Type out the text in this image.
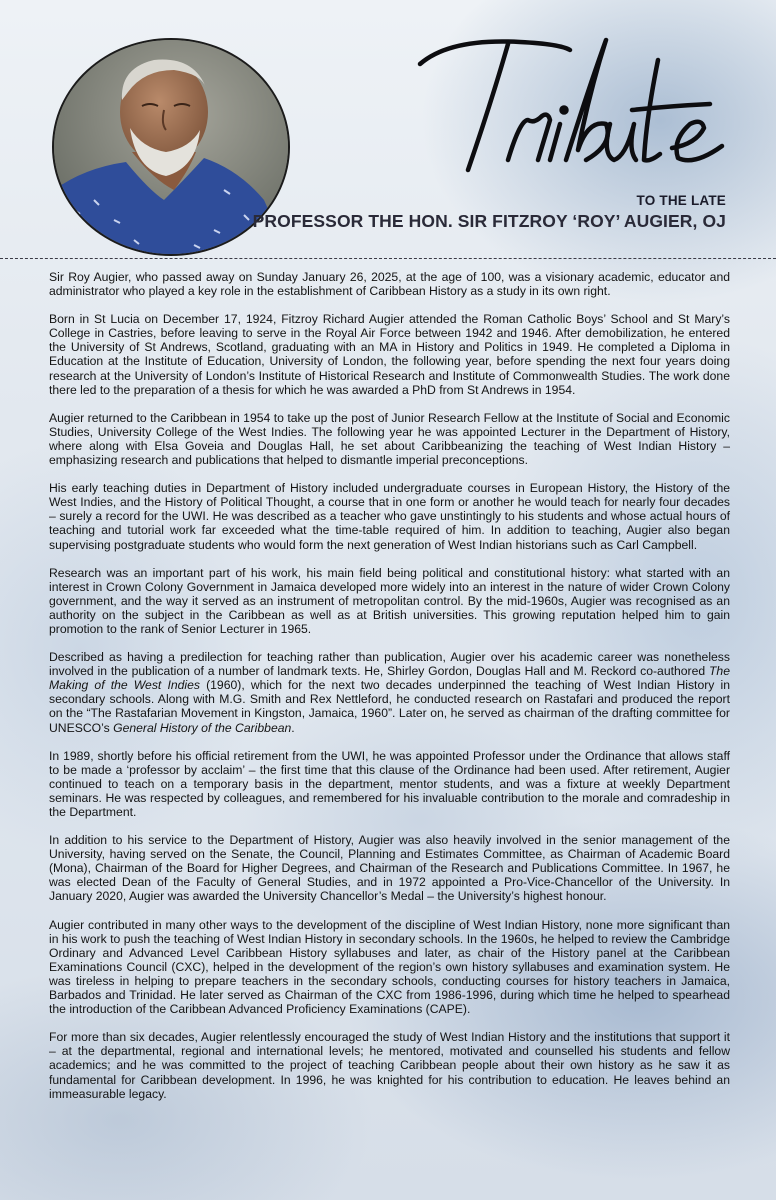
TO THE LATE
PROFESSOR THE HON. SIR FITZROY ‘ROY’ AUGIER, OJ

Sir Roy Augier, who passed away on Sunday January 26, 2025, at the age of 100, was a visionary academic, educator and administrator who played a key role in the establishment of Caribbean History as a study in its own right.

Born in St Lucia on December 17, 1924, Fitzroy Richard Augier attended the Roman Catholic Boys’ School and St Mary’s College in Castries, before leaving to serve in the Royal Air Force between 1942 and 1946. After demobilization, he entered the University of St Andrews, Scotland, graduating with an MA in History and Politics in 1949. He completed a Diploma in Education at the Institute of Education, University of London, the following year, before spending the next four years doing research at the University of London’s Institute of Historical Research and Institute of Commonwealth Studies. The work done there led to the preparation of a thesis for which he was awarded a PhD from St Andrews in 1954.

Augier returned to the Caribbean in 1954 to take up the post of Junior Research Fellow at the Institute of Social and Economic Studies, University College of the West Indies. The following year he was appointed Lecturer in the Department of History, where along with Elsa Goveia and Douglas Hall, he set about Caribbeanizing the teaching of West Indian History – emphasizing research and publications that helped to dismantle imperial preconceptions.

His early teaching duties in Department of History included undergraduate courses in European History, the History of the West Indies, and the History of Political Thought, a course that in one form or another he would teach for nearly four decades – surely a record for the UWI. He was described as a teacher who gave unstintingly to his students and whose actual hours of teaching and tutorial work far exceeded what the time-table required of him. In addition to teaching, Augier also began supervising postgraduate students who would form the next generation of West Indian historians such as Carl Campbell.

Research was an important part of his work, his main field being political and constitutional history: what started with an interest in Crown Colony Government in Jamaica developed more widely into an interest in the nature of wider Crown Colony government, and the way it served as an instrument of metropolitan control. By the mid-1960s, Augier was recognised as an authority on the subject in the Caribbean as well as at British universities. This growing reputation helped him to gain promotion to the rank of Senior Lecturer in 1965.

Described as having a predilection for teaching rather than publication, Augier over his academic career was nonetheless involved in the publication of a number of landmark texts. He, Shirley Gordon, Douglas Hall and M. Reckord co-authored The Making of the West Indies (1960), which for the next two decades underpinned the teaching of West Indian History in secondary schools. Along with M.G. Smith and Rex Nettleford, he conducted research on Rastafari and produced the report on the “The Rastafarian Movement in Kingston, Jamaica, 1960”. Later on, he served as chairman of the drafting committee for UNESCO’s General History of the Caribbean.

In 1989, shortly before his official retirement from the UWI, he was appointed Professor under the Ordinance that allows staff to be made a ‘professor by acclaim’ – the first time that this clause of the Ordinance had been used. After retirement, Augier continued to teach on a temporary basis in the department, mentor students, and was a fixture at weekly Department seminars. He was respected by colleagues, and remembered for his invaluable contribution to the morale and comradeship in the Department.

In addition to his service to the Department of History, Augier was also heavily involved in the senior management of the University, having served on the Senate, the Council, Planning and Estimates Committee, as Chairman of Academic Board (Mona), Chairman of the Board for Higher Degrees, and Chairman of the Research and Publications Committee. In 1967, he was elected Dean of the Faculty of General Studies, and in 1972 appointed a Pro-Vice-Chancellor of the University. In January 2020, Augier was awarded the University Chancellor’s Medal – the University’s highest honour.

Augier contributed in many other ways to the development of the discipline of West Indian History, none more significant than in his work to push the teaching of West Indian History in secondary schools. In the 1960s, he helped to review the Cambridge Ordinary and Advanced Level Caribbean History syllabuses and later, as chair of the History panel at the Caribbean Examinations Council (CXC), helped in the development of the region’s own history syllabuses and examination system. He was tireless in helping to prepare teachers in the secondary schools, conducting courses for history teachers in Jamaica, Barbados and Trinidad. He later served as Chairman of the CXC from 1986-1996, during which time he helped to spearhead the introduction of the Caribbean Advanced Proficiency Examinations (CAPE).

For more than six decades, Augier relentlessly encouraged the study of West Indian History and the institutions that support it – at the departmental, regional and international levels; he mentored, motivated and counselled his students and fellow academics; and he was committed to the project of teaching Caribbean people about their own history as he saw it as fundamental for Caribbean development. In 1996, he was knighted for his contribution to education. He leaves behind an immeasurable legacy.
